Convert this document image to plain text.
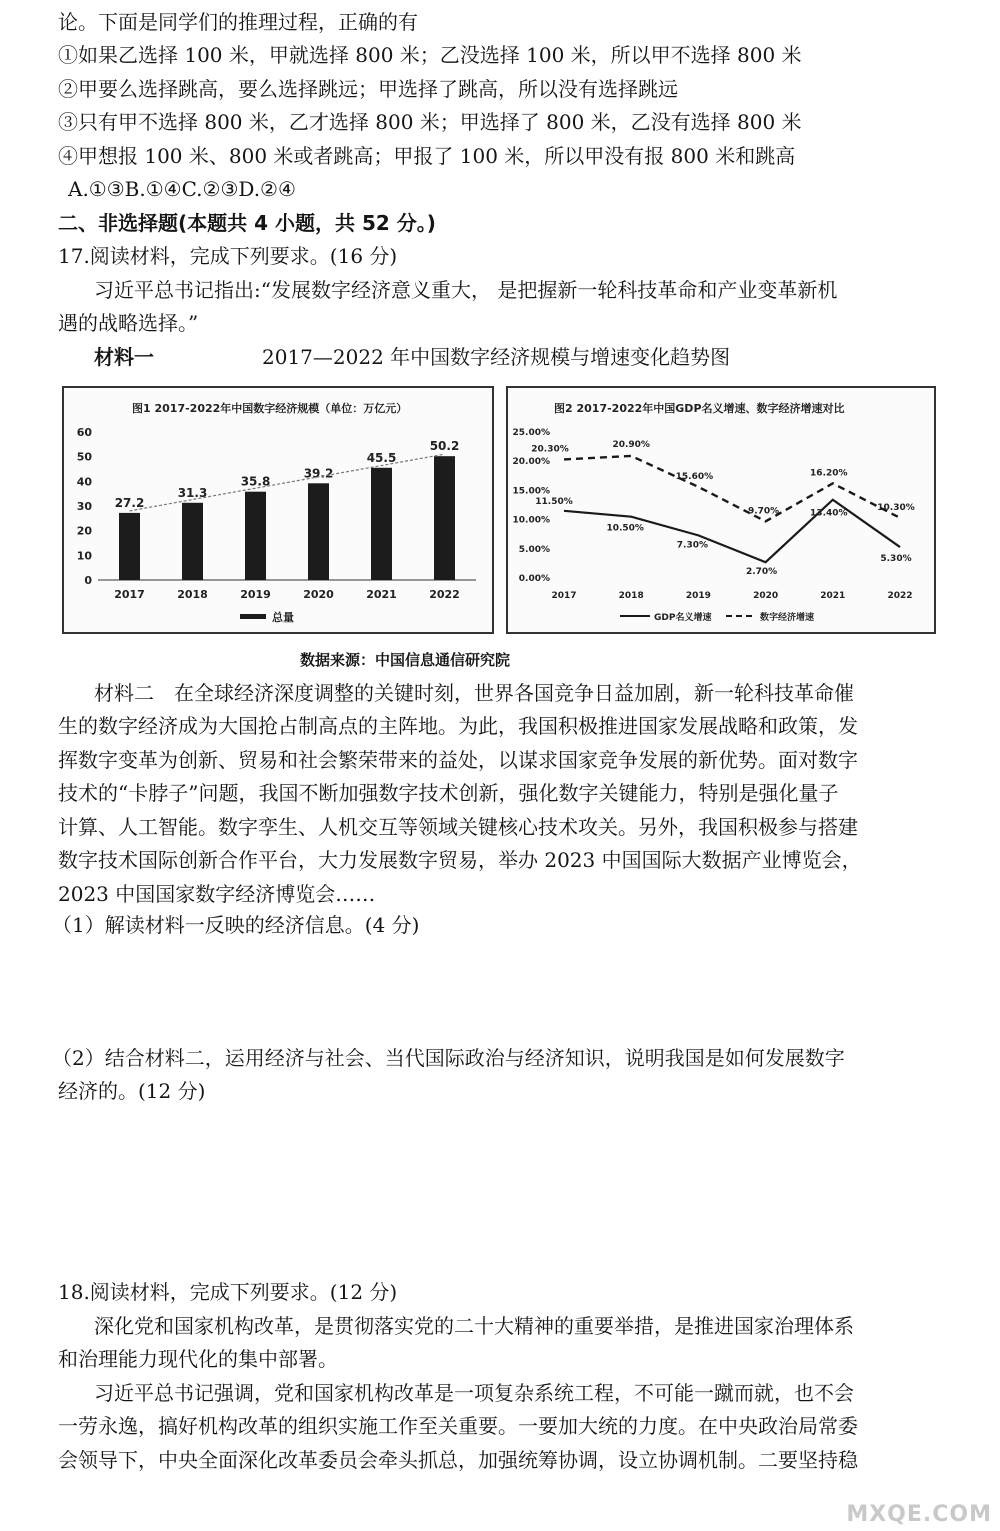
论。下面是同学们的推理过程，正确的有
①如果乙选择 100 米，甲就选择 800 米；乙没选择 100 米，所以甲不选择 800 米
②甲要么选择跳高，要么选择跳远；甲选择了跳高，所以没有选择跳远
③只有甲不选择 800 米，乙才选择 800 米；甲选择了 800 米，乙没有选择 800 米
④甲想报 100 米、800 米或者跳高；甲报了 100 米，所以甲没有报 800 米和跳高
A.①③B.①④C.②③D.②④
二、非选择题(本题共 4 小题，共 52 分。)
17.阅读材料，完成下列要求。(16 分)
习近平总书记指出:“发展数字经济意义重大， 是把握新一轮科技革命和产业变革新机
遇的战略选择。”
材料一	2017—2022 年中国数字经济规模与增速变化趋势图
图1 2017-2022年中国数字经济规模（单位：万亿元）
0
10
20
30
40
50
60
27.2
2017
31.3
2018
35.8
2019
39.2
2020
45.5
2021
50.2
2022
总量
图2 2017-2022年中国GDP名义增速、数字经济增速对比
0.00%
5.00%
10.00%
15.00%
20.00%
25.00%
2017	2018	2019	2020	2021	2022
11.50%
10.50%
7.30%
2.70%
13.40%
5.30%
20.30%	20.90%
15.60%
9.70%
16.20%
10.30%
GDP名义增速	数字经济增速
数据来源：中国信息通信研究院
材料二　在全球经济深度调整的关键时刻，世界各国竞争日益加剧，新一轮科技革命催
生的数字经济成为大国抢占制高点的主阵地。为此，我国积极推进国家发展战略和政策，发
挥数字变革为创新、贸易和社会繁荣带来的益处，以谋求国家竞争发展的新优势。面对数字
技术的“卡脖子”问题，我国不断加强数字技术创新，强化数字关键能力，特别是强化量子
计算、人工智能。数字孪生、人机交互等领域关键核心技术攻关。另外，我国积极参与搭建
数字技术国际创新合作平台，大力发展数字贸易，举办 2023 中国国际大数据产业博览会，
2023 中国国家数字经济博览会……
（1）解读材料一反映的经济信息。(4 分)
（2）结合材料二，运用经济与社会、当代国际政治与经济知识，说明我国是如何发展数字
经济的。(12 分)
18.阅读材料，完成下列要求。(12 分)
深化党和国家机构改革，是贯彻落实党的二十大精神的重要举措，是推进国家治理体系
和治理能力现代化的集中部署。
习近平总书记强调，党和国家机构改革是一项复杂系统工程，不可能一蹴而就，也不会
一劳永逸，搞好机构改革的组织实施工作至关重要。一要加大统的力度。在中央政治局常委
会领导下，中央全面深化改革委员会牵头抓总，加强统筹协调，设立协调机制。二要坚持稳
MXQE.COM
